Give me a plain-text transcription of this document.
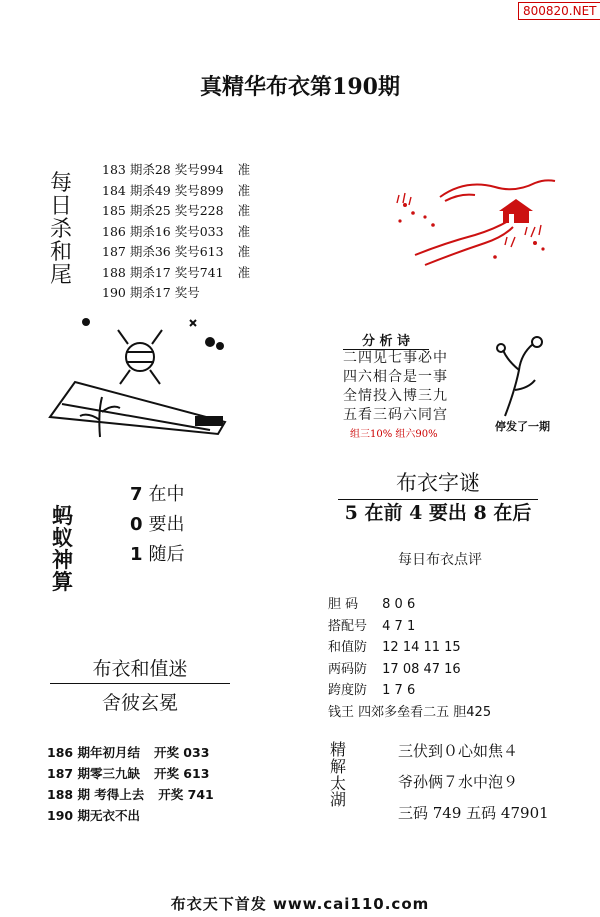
800820.NET
真精华布衣第190期
每
日
杀
和
尾
183 期杀28 奖号994 准
184 期杀49 奖号899 准
185 期杀25 奖号228 准
186 期杀16 奖号033 准
187 期杀36 奖号613 准
188 期杀17 奖号741 准
190 期杀17 奖号
分 析 诗
二四见七事必中
四六相合是一事
全情投入博三九
五看三码六同宫
组三10% 组六90%
停发了一期
蚂
蚁
神
算
7 在中
0 要出
1 随后
布衣字谜
5 在前 4 要出 8 在后
每日布衣点评
胆 码 8 0 6
搭配号 4 7 1
和值防 12 14 11 15
两码防 17 08 47 16
跨度防 1 7 6
钱王 四郊多垒看二五 胆425
布衣和值迷
舍彼玄冕
186 期年初月结 开奖 033
187 期零三九缺 开奖 613
188 期 考得上去 开奖 741
190 期无衣不出
精
解
太
湖
三伏到０心如焦４
爷孙俩７水中泡９
三码 749 五码 47901
布衣天下首发 www.cai110.com
